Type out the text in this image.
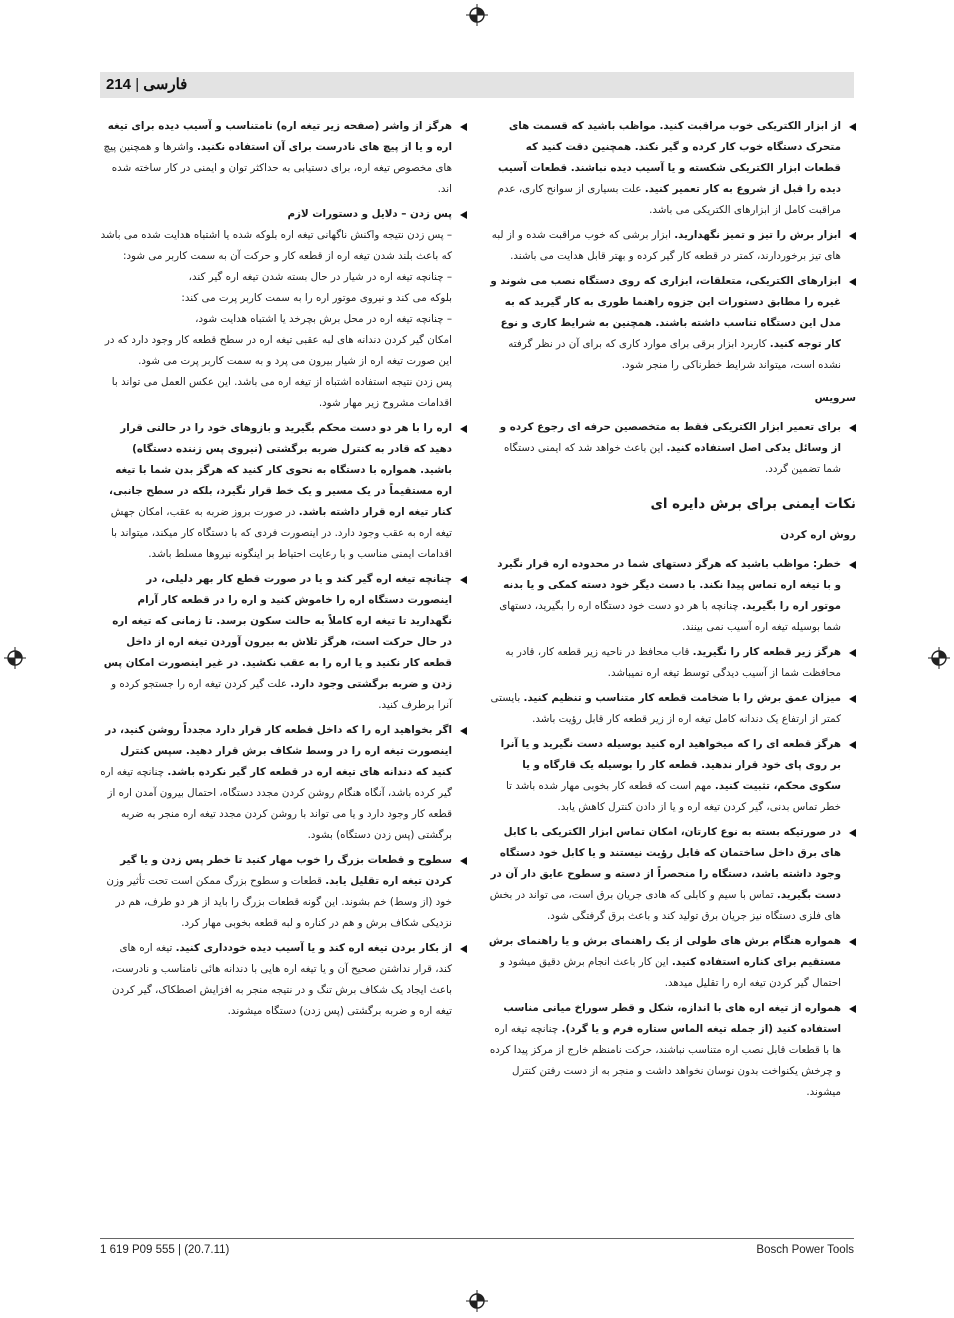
214 | فارسی
از ابزار الکتریکی خوب مراقبت کنید. مواظب باشید که قسمت های متحرک دستگاه خوب کار کرده و گیر نکند. همچنین دقت کنید که قطعات ابزار الکتریکی شکسته و یا آسیب دیده نباشند. قطعات آسیب دیده را قبل از شروع به کار تعمیر کنید. علت بسیاری از سوانح کاری، عدم مراقبت کامل از ابزارهای الکتریکی می باشد.
ابزار برش را تیز و تمیز نگهدارید. ابزار برشی که خوب مراقبت شده و از لبه های تیز برخوردارند، کمتر در قطعه کار گیر کرده و بهتر قابل هدایت می باشند.
ابزارهای الکتریکی، متعلقات، ابزاری که روی دستگاه نصب می شوند و غیره را مطابق دستورات این جزوه راهنما طوری به کار گیرید که به مدل این دستگاه تناسب داشته باشند. همچنین به شرایط کاری و نوع کار توجه کنید. کاربرد ابزار برقی برای موارد کاری که برای آن در نظر گرفته نشده است، میتواند شرایط خطرناکی را منجر شود.
سرویس
برای تعمیر ابزار الکتریکی فقط به متخصصین حرفه ای رجوع کرده و از وسائل یدکی اصل استفاده کنید. این باعث خواهد شد که ایمنی دستگاه شما تضمین گردد.
نکات ایمنی برای برش دایره ای
روش اره کردن
خطر: مواظب باشید که هرگز دستهای شما در محدوده اره قرار نگیرد و با تیغه اره تماس پیدا نکند. با دست دیگر خود دسته کمکی و یا بدنه موتور اره را بگیرید. چنانچه با هر دو دست خود دستگاه اره را بگیرید، دستهای شما بوسیله تیغه اره آسیب نمی بینند.
هرگز زیر قطعه کار را نگیرید. قاب محافظ در ناحیه زیر قطعه کار، قادر به محافظت شما از آسیب دیدگی توسط تیغه اره نمیباشد.
میزان عمق برش را با ضخامت قطعه کار متناسب و تنظیم کنید. بایستی کمتر از ارتفاع یک دندانه کامل تیغه اره از زیر قطعه کار قابل رؤیت باشد.
هرگز قطعه ای را که میخواهید اره کنید بوسیله دست نگیرید و یا آنرا بر روی پای خود قرار ندهید. قطعه کار را بوسیله یک قارگاه و یا سکوی محکم، تثبیت کنید. مهم است که قطعه کار بخوبی مهار شده باشد تا خطر تماس بدنی، گیر کردن تیغه اره و یا از دادن کنترل کاهش یابد.
در صورتیکه بسته به نوع کارتان، امکان تماس ابزار الکتریکی با کابل های برق داخل ساختمان که قابل رؤیت نیستند و یا کابل خود دستگاه وجود داشته باشد، دستگاه را منحصراً از دسته و سطوح عایق دار آن در دست بگیرید. تماس با سیم و کابلی که هادی جریان برق است، می تواند در بخش های فلزی دستگاه نیز جریان برق تولید کند و باعث برق گرفتگی شود.
همواره هنگام برش های طولی از یک راهنمای برش و یا راهنمای برش مستقیم برای کناره استفاده کنید. این کار باعث انجام برش دقیق میشود و احتمال گیر کردن تیغه اره را تقلیل میدهد.
همواره از تیغه اره های با اندازه، شکل و قطر سوراخ میانی مناسب استفاده کنید (از جمله تیغه الماس ستاره فرم و یا گرد). چنانچه تیغه اره ها با قطعات قابل نصب اره متناسب نباشند، حرکت نامنظم خارج از مرکز پیدا کرده و چرخش یکنواخت بدون نوسان نخواهد داشت و منجر به از دست رفتن کنترل میشوند.
هرگز از واشر (صفحه زیر تیغه اره) نامتناسب و آسیب دیده برای تیغه اره و یا از پیچ های نادرست برای آن استفاده نکنید. واشرها و همچنین پیچ های مخصوص تیغه اره، برای دستیابی به حداکثر توان و ایمنی در کار ساخته شده اند.
پس زدن – دلایل و دستورات لازم
– پس زدن نتیجه واکنش ناگهانی تیغه اره بلوکه شده یا اشتباه هدایت شده می باشد که باعث بلند شدن تیغه اره از قطعه کار و حرکت آن به سمت کاربر می شود:
– چنانچه تیغه اره در شیار در حال بسته شدن تیغه اره گیر کند،
بلوکه می کند و نیروی موتور اره را به سمت کاربر پرت می کند:
– چنانچه تیغه اره در محل برش بچرخد یا اشتباه هدایت شود،
امکان گیر کردن دندانه های لبه عقبی تیغه اره در سطح قطعه کار وجود دارد که در این صورت تیغه اره از شیار بیرون می پرد و به سمت کاربر پرت می شود.
پس زدن نتیجه استفاده اشتباه از تیغه اره می باشد. این عکس العمل می تواند با اقدامات مشروح زیر مهار شود.
اره را با هر دو دست محکم بگیرید و بازوهای خود را در حالتی قرار دهید که قادر به کنترل ضربه برگشتی (نیروی پس زننده دستگاه) باشید. همواره با دستگاه به نحوی کار کنید که هرگز بدن شما با تیغه اره مستقیماً در یک مسیر و یک خط قرار نگیرد، بلکه در سطح جانبی، کنار تیغه اره قرار داشته باشد. در صورت بروز ضربه به عقب، امکان جهش تیغه اره به عقب وجود دارد. در اینصورت فردی که با دستگاه کار میکند، میتواند با اقدامات ایمنی مناسب و با رعایت احتیاط بر اینگونه نیروها مسلط باشد.
چنانچه تیغه اره گیر کند و یا در صورت قطع کار بهر دلیلی، در اینصورت دستگاه اره را خاموش کنید و اره را در قطعه کار آرام نگهدارید تا تیغه اره کاملاً به حالت سکون برسد. تا زمانی که تیغه اره در حال حرکت است، هرگز تلاش به بیرون آوردن تیغه اره از داخل قطعه کار نکنید و یا اره را به عقب نکشید. در غیر اینصورت امکان پس زدن و ضربه برگشتی وجود دارد. علت گیر کردن تیغه اره را جستجو کرده و آنرا برطرف کنید.
اگر بخواهید اره را که داخل قطعه کار قرار دارد مجدداً روشن کنید، در اینصورت تیغه اره را در وسط شکاف برش قرار دهید. سپس کنترل کنید که دندانه های تیغه اره در قطعه کار گیر نکرده باشد. چنانچه تیغه اره گیر کرده باشد، آنگاه هنگام روشن کردن مجدد دستگاه، احتمال بیرون آمدن اره از قطعه کار وجود دارد و یا می تواند با روشن کردن مجدد تیغه اره منجر به ضربه برگشتی (پس زدن دستگاه) بشود.
سطوح و قطعات بزرگ را خوب مهار کنید تا خطر پس زدن و یا گیر کردن تیغه اره تقلیل یابد. قطعات و سطوح بزرگ ممکن است تحت تأثیر وزن خود (از وسط) خم بشوند. این گونه قطعات بزرگ را باید از هر دو طرف، هم در نزدیکی شکاف برش و هم در کناره و لبه قطعه بخوبی مهار کرد.
از بکار بردن تیغه اره کند و یا آسیب دیده خودداری کنید. تیغه اره های کند، قرار نداشتن صحیح آن و یا تیغه اره هایی با دندانه هائی نامناسب و نادرست، باعث ایجاد یک شکاف برش تنگ و در نتیجه منجر به افزایش اصطکاک، گیر کردن تیغه اره و ضربه برگشتی (پس زدن) دستگاه میشوند.
1 619 P09 555 | (20.7.11)	Bosch Power Tools
